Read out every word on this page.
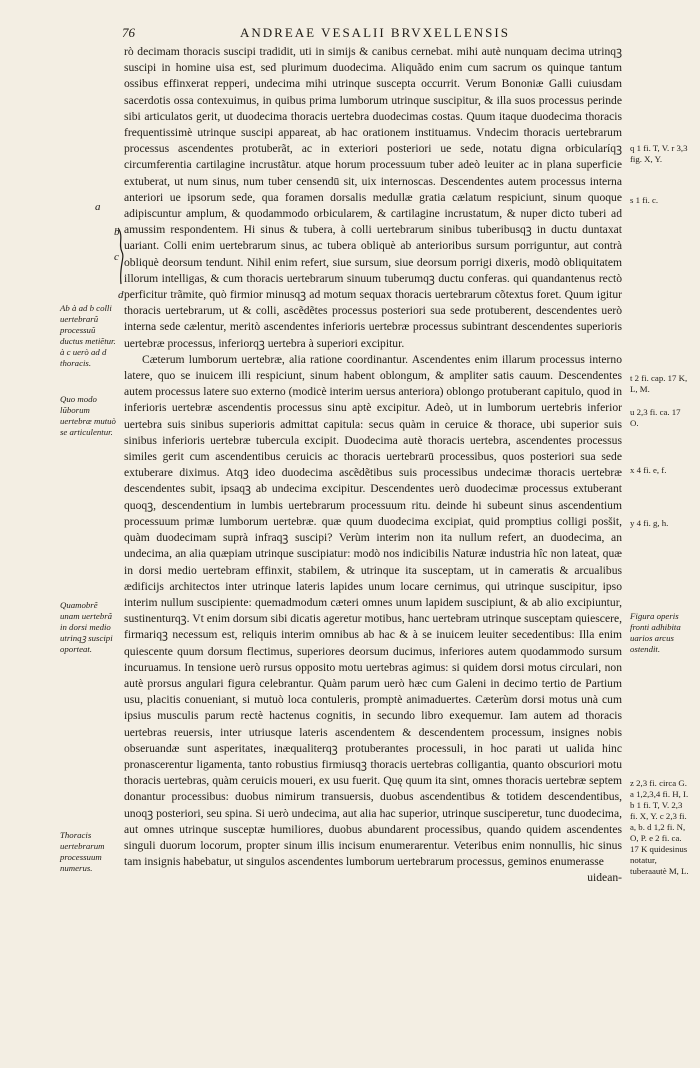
76	ANDREAE VESALII BRVXELLENSIS

rò decimam thoracis suscipi tradidit, uti in simijs & canibus cernebat. mihi autè nunquam decima utrinqꝫ suscipi in homine uisa est, sed plurimum duodecima. Aliquãdo enim cum sacrum os quinque tantum ossibus effinxerat repperi, undecima mihi utrinque suscepta occurrit. Verum Bononiæ Galli cuiusdam sacerdotis ossa contexuimus, in quibus prima lumborum utrinque suscipitur, & illa suos processus perinde sibi articulatos gerit, ut duodecima thoracis uertebra duodecimas costas. Quum itaque duodecima thoracis frequentissimè utrinque suscipi appareat, ab hac orationem instituamus. Vndecim thoracis uertebrarum processus ascendentes protuberãt, ac in exteriori posteriori ue sede, notatu digna orbicularíqꝫ circumferentia cartilagine incrustãtur. atque horum processuum tuber adeò leuiter ac in plana superficie extuberat, ut num sinus, num tuber censendū sit, uix internoscas. Descendentes autem processus interna anteriori ue ipsorum sede, qua foramen dorsalis medullæ gratia cælatum respiciunt, sinum quoque adipiscuntur amplum, & quodammodo orbicularem, & cartilagine incrustatum, & nuper dicto tuberi ad amussim respondentem. Hi sinus & tubera, à colli uertebrarum sinibus tuberibusqꝫ in ductu duntaxat uariant. Colli enim uertebrarum sinus, ac tubera obliquè ab anterioribus sursum porriguntur, aut contrà obliquè deorsum tendunt. Nihil enim refert, siue sursum, siue deorsum porrigi dixeris, modò obliquitatem illorum intelligas, & cum thoracis uertebrarum sinuum tuberumqꝫ ductu conferas. qui quandantenus rectò perficitur trãmite, quò firmior minusqꝫ ad motum sequax thoracis uertebrarum cõtextus foret. Quum igitur thoracis uertebrarum, ut & colli, ascẽdẽtes processus posteriori sua sede protuberent, descendentes uerò interna sede cælentur, meritò ascendentes inferioris uertebræ processus subintrant descendentes superioris uertebræ processus, inferiorqꝫ uertebra à superiori excipitur.

Cæterum lumborum uertebræ, alia ratione coordinantur. Ascendentes enim illarum processus interno latere, quo se inuicem illi respiciunt, sinum habent oblongum, & ampliter satis cauum. Descendentes autem processus latere suo externo (modicè interim uersus anteriora) oblongo protuberant capitulo, quod in inferioris uertebræ ascendentis processus sinu aptè excipitur. Adeò, ut in lumborum uertebris inferior uertebra suis sinibus superioris admittat capitula: secus quàm in ceruice & thorace, ubi superior suis sinibus inferioris uertebræ tubercula excipit. Duodecima autè thoracis uertebra, ascendentes processus similes gerit cum ascendentibus ceruicis ac thoracis uertebrarū processibus, quos posteriori sua sede extuberare diximus. Atqꝫ ideo duodecima ascẽdẽtibus suis processibus undecimæ thoracis uertebræ descendentes subit, ipsaqꝫ ab undecima excipitur. Descendentes uerò duodecimæ processus extuberant quoqꝫ, descendentium in lumbis uertebrarum processuum ritu. deinde hi subeunt sinus ascendentium processuum primæ lumborum uertebræ. quæ quum duodecima excipiat, quid promptius colligi posšit, quàm duodecimam suprà infraqꝫ suscipi? Verùm interim non ita nullum refert, an duodecima, an undecima, an alia quæpiam utrinque suscipiatur: modò nos indicibilis Naturæ industria hîc non lateat, quæ in dorsi medio uertebram effinxit, stabilem, & utrinque ita susceptam, ut in cameratis & arcualibus ædificijs architectos inter utrinque lateris lapides unum locare cernimus, qui utrinque suscipitur, ipso interim nullum suscipiente: quemadmodum cæteri omnes unum lapidem suscipiunt, & ab alio excipiuntur, sustinenturqꝫ. Vt enim dorsum sibi dicatis ageretur motibus, hanc uertebram utrinque susceptam quiescere, firmariqꝫ necessum est, reliquis interim omnibus ab hac & à se inuicem leuiter secedentibus: Illa enim quiescente quum dorsum flectimus, superiores deorsum ducimus, inferiores autem quodammodo sursum incuruamus. In tensione uerò rursus opposito motu uertebras agimus: si quidem dorsi motus circulari, non autè prorsus angulari figura celebrantur. Quàm parum uerò hæc cum Galeni in decimo tertio de Partium usu, placitis conueniant, si mutuò loca contuleris, promptè animaduertes. Cæterùm dorsi motus unà cum ipsius musculis parum rectè hactenus cognitis, in secundo libro exequemur. Iam autem ad thoracis uertebras reuersis, inter utriusque lateris ascendentem & descendentem processum, insignes nobis obseruandæ sunt asperitates, inæqualiterqꝫ protuberantes processuli, in hoc parati ut ualida hinc pronascerentur ligamenta, tanto robustius firmiusqꝫ thoracis uertebras colligantia, quanto obscuriori motu thoracis uertebras, quàm ceruicis moueri, ex usu fuerit. Quę quum ita sint, omnes thoracis uertebræ septem donantur processibus: duobus nimirum transuersis, duobus ascendentibus & totidem descendentibus, unoqꝫ posteriori, seu spina. Si uerò undecima, aut alia hac superior, utrinque susciperetur, tunc duodecima, aut omnes utrinque susceptæ humiliores, duobus abundarent processibus, quando quidem ascendentes singuli duorum locorum, propter sinum illis incisum enumerarentur. Veteribus enim nonnullis, hic sinus tam insignis habebatur, ut singulos ascendentes lumborum uertebrarum processus, geminos enumerasse

uidean-

a
b
c
d
Ab à ad b colli uertebrarũ processuũ ductus metiẽtur. à c uerò ad d thoracis.
Quo modo lũborum uertebræ mutuò se articulentur.
Quamobrẽ unam uertebrã in dorsi medio utrinqꝫ suscipi oporteat.
Thoracis uertebrarum processuum numerus.
q 1 fi. T, V. r 3,3 fig. X, Y.
s 1 fi. c.
t 2 fi. cap. 17 K, L, M.
u 2,3 fi. ca. 17 O.
x 4 fi. e, f.
y 4 fi. g, h.
Figura operis fronti adhibita uarios arcus ostendit.
z 2,3 fi. circa G. a 1,2,3,4 fi. H, I. b 1 fi. T, V. 2,3 fi. X, Y. c 2,3 fi. a, b. d 1,2 fi. N, O, P. e 2 fi. ca. 17 K quidesinus notatur, tuberaautè M, L.
